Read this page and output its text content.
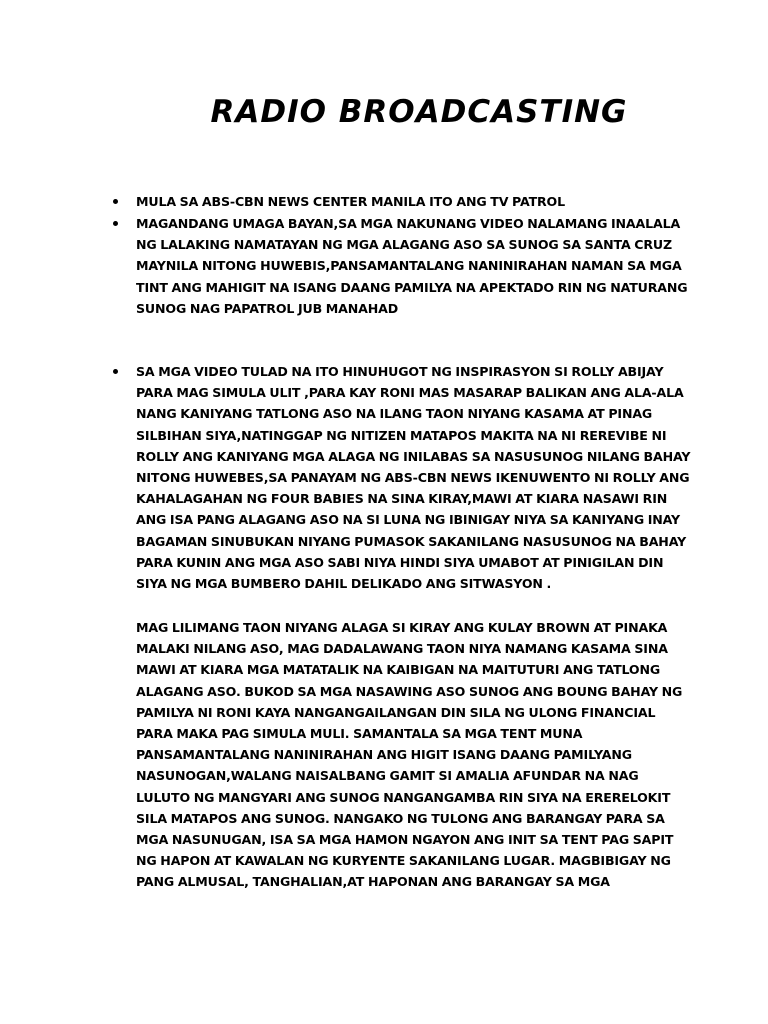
RADIO BROADCASTING
MULA SA ABS-CBN NEWS CENTER MANILA ITO ANG TV PATROL
MAGANDANG UMAGA BAYAN,SA MGA NAKUNANG VIDEO NALAMANG INAALALA
NG LALAKING NAMATAYAN NG MGA ALAGANG ASO SA SUNOG SA SANTA CRUZ
MAYNILA NITONG HUWEBIS,PANSAMANTALANG NANINIRAHAN NAMAN SA MGA
TINT ANG MAHIGIT NA ISANG DAANG PAMILYA NA APEKTADO RIN NG NATURANG
SUNOG NAG PAPATROL JUB MANAHAD
SA MGA VIDEO TULAD NA ITO HINUHUGOT NG INSPIRASYON SI ROLLY ABIJAY
PARA MAG SIMULA ULIT ,PARA KAY RONI MAS MASARAP BALIKAN ANG ALA-ALA
NANG KANIYANG TATLONG ASO NA ILANG TAON NIYANG KASAMA AT PINAG
SILBIHAN SIYA,NATINGGAP NG NITIZEN MATAPOS MAKITA NA NI REREVIBE NI
ROLLY ANG KANIYANG MGA ALAGA NG INILABAS SA NASUSUNOG NILANG BAHAY
NITONG HUWEBES,SA PANAYAM NG ABS-CBN NEWS IKENUWENTO NI ROLLY ANG
KAHALAGAHAN NG FOUR BABIES NA SINA KIRAY,MAWI AT KIARA NASAWI RIN
ANG ISA PANG ALAGANG ASO NA SI LUNA NG IBINIGAY NIYA SA KANIYANG INAY
BAGAMAN SINUBUKAN NIYANG PUMASOK SAKANILANG NASUSUNOG NA BAHAY
PARA KUNIN ANG MGA ASO SABI NIYA HINDI SIYA UMABOT AT PINIGILAN DIN
SIYA NG MGA BUMBERO DAHIL DELIKADO ANG SITWASYON .
MAG LILIMANG TAON NIYANG ALAGA SI KIRAY ANG KULAY BROWN AT PINAKA
MALAKI NILANG ASO, MAG DADALAWANG TAON NIYA NAMANG KASAMA SINA
MAWI AT KIARA MGA MATATALIK NA KAIBIGAN NA MAITUTURI ANG TATLONG
ALAGANG ASO. BUKOD SA MGA NASAWING ASO SUNOG ANG BOUNG BAHAY NG
PAMILYA NI RONI KAYA NANGANGAILANGAN DIN SILA NG ULONG FINANCIAL
PARA MAKA PAG SIMULA MULI. SAMANTALA SA MGA TENT MUNA
PANSAMANTALANG NANINIRAHAN ANG HIGIT ISANG DAANG PAMILYANG
NASUNOGAN,WALANG NAISALBANG GAMIT SI AMALIA AFUNDAR NA NAG
LULUTO NG MANGYARI ANG SUNOG NANGANGAMBA RIN SIYA NA ERERELOKIT
SILA MATAPOS ANG SUNOG. NANGAKO NG TULONG ANG BARANGAY PARA SA
MGA NASUNUGAN, ISA SA MGA HAMON NGAYON ANG INIT SA TENT PAG SAPIT
NG HAPON AT KAWALAN NG KURYENTE SAKANILANG LUGAR. MAGBIBIGAY NG
PANG ALMUSAL, TANGHALIAN,AT HAPONAN ANG BARANGAY SA MGA
